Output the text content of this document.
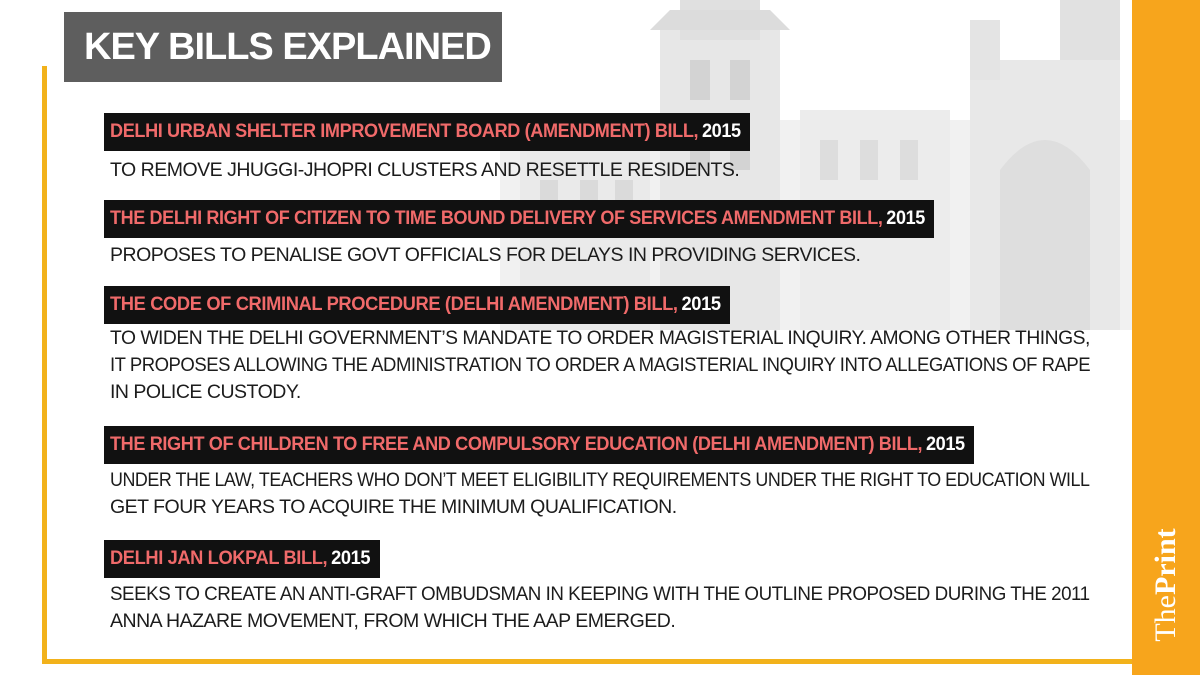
ThePrint
KEY BILLS EXPLAINED
DELHI URBAN SHELTER IMPROVEMENT BOARD (AMENDMENT) BILL, 2015
TO REMOVE JHUGGI-JHOPRI CLUSTERS AND RESETTLE RESIDENTS.
THE DELHI RIGHT OF CITIZEN TO TIME BOUND DELIVERY OF SERVICES AMENDMENT BILL, 2015
PROPOSES TO PENALISE GOVT OFFICIALS FOR DELAYS IN PROVIDING SERVICES.
THE CODE OF CRIMINAL PROCEDURE (DELHI AMENDMENT) BILL, 2015
TO WIDEN THE DELHI GOVERNMENT’S MANDATE TO ORDER MAGISTERIAL INQUIRY. AMONG OTHER THINGS,
IT PROPOSES ALLOWING THE ADMINISTRATION TO ORDER A MAGISTERIAL INQUIRY INTO ALLEGATIONS OF RAPE
IN POLICE CUSTODY.
THE RIGHT OF CHILDREN TO FREE AND COMPULSORY EDUCATION (DELHI AMENDMENT) BILL, 2015
UNDER THE LAW, TEACHERS WHO DON’T MEET ELIGIBILITY REQUIREMENTS UNDER THE RIGHT TO EDUCATION WILL
GET FOUR YEARS TO ACQUIRE THE MINIMUM QUALIFICATION.
DELHI JAN LOKPAL BILL, 2015
SEEKS TO CREATE AN ANTI-GRAFT OMBUDSMAN IN KEEPING WITH THE OUTLINE PROPOSED DURING THE 2011
ANNA HAZARE MOVEMENT, FROM WHICH THE AAP EMERGED.
